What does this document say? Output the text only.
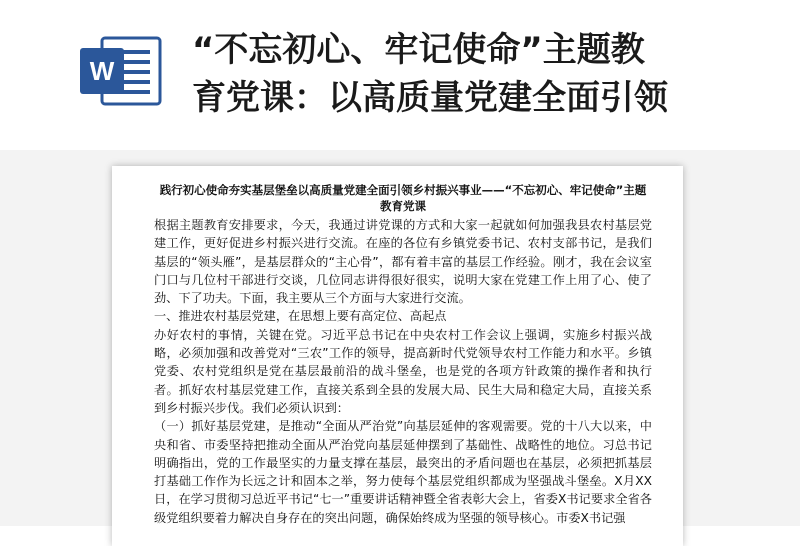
W
“不忘初心、牢记使命”主题教
育党课：以高质量党建全面引领
践行初心使命夯实基层堡垒以高质量党建全面引领乡村振兴事业——“不忘初心、牢记使命”主题教育党课

根据主题教育安排要求，今天，我通过讲党课的方式和大家一起就如何加强我县农村基层党建工作，更好促进乡村振兴进行交流。在座的各位有乡镇党委书记、农村支部书记，是我们基层的“领头雁”，是基层群众的“主心骨”，都有着丰富的基层工作经验。刚才，我在会议室门口与几位村干部进行交谈，几位同志讲得很好很实，说明大家在党建工作上用了心、使了劲、下了功夫。下面，我主要从三个方面与大家进行交流。

一、推进农村基层党建，在思想上要有高定位、高起点

办好农村的事情，关键在党。习近平总书记在中央农村工作会议上强调，实施乡村振兴战略，必须加强和改善党对“三农”工作的领导，提高新时代党领导农村工作能力和水平。乡镇党委、农村党组织是党在基层最前沿的战斗堡垒，也是党的各项方针政策的操作者和执行者。抓好农村基层党建工作，直接关系到全县的发展大局、民生大局和稳定大局，直接关系到乡村振兴步伐。我们必须认识到：

（一）抓好基层党建，是推动“全面从严治党”向基层延伸的客观需要。党的十八大以来，中央和省、市委坚持把推动全面从严治党向基层延伸摆到了基础性、战略性的地位。习总书记明确指出，党的工作最坚实的力量支撑在基层，最突出的矛盾问题也在基层，必须把抓基层打基础工作作为长远之计和固本之举，努力使每个基层党组织都成为坚强战斗堡垒。X月XX日，在学习贯彻习总近平书记“七一”重要讲话精神暨全省表彰大会上，省委X书记要求全省各级党组织要着力解决自身存在的突出问题，确保始终成为坚强的领导核心。市委X书记强
